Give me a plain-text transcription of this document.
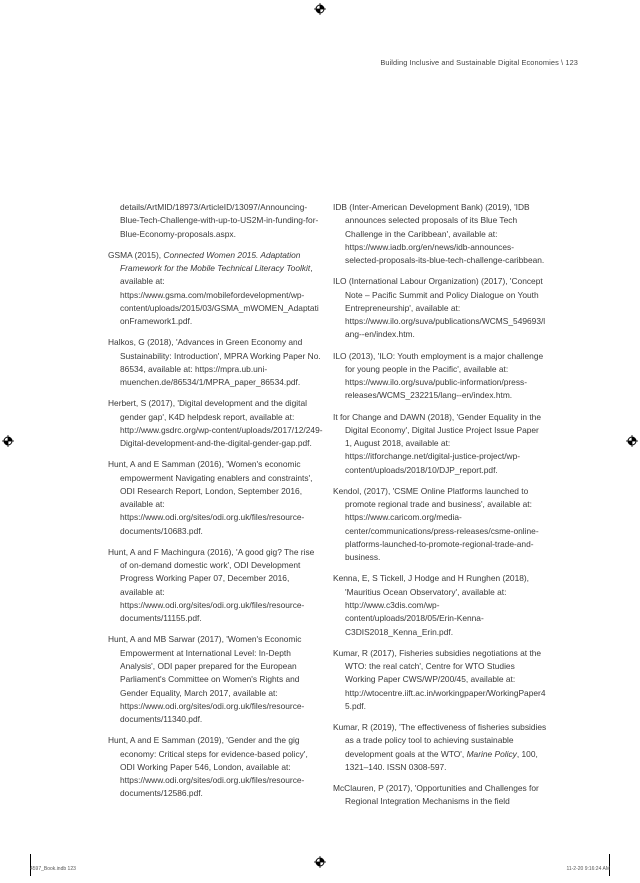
Building Inclusive and Sustainable Digital Economies \ 123

details/ArtMID/18973/ArticleID/13097/Announcing-Blue-Tech-Challenge-with-up-to-US2M-in-funding-for-Blue-Economy-proposals.aspx.

GSMA (2015), Connected Women 2015. Adaptation Framework for the Mobile Technical Literacy Toolkit, available at: https://www.gsma.com/mobilefordevelopment/wp-content/uploads/2015/03/GSMA_mWOMEN_AdaptationFramework1.pdf.

Halkos, G (2018), 'Advances in Green Economy and Sustainability: Introduction', MPRA Working Paper No. 86534, available at: https://mpra.ub.uni-muenchen.de/86534/1/MPRA_paper_86534.pdf.

Herbert, S (2017), 'Digital development and the digital gender gap', K4D helpdesk report, available at: http://www.gsdrc.org/wp-content/uploads/2017/12/249-Digital-development-and-the-digital-gender-gap.pdf.

Hunt, A and E Samman (2016), 'Women's economic empowerment Navigating enablers and constraints', ODI Research Report, London, September 2016, available at: https://www.odi.org/sites/odi.org.uk/files/resource-documents/10683.pdf.

Hunt, A and F Machingura (2016), 'A good gig? The rise of on-demand domestic work', ODI Development Progress Working Paper 07, December 2016, available at: https://www.odi.org/sites/odi.org.uk/files/resource-documents/11155.pdf.

Hunt, A and MB Sarwar (2017), 'Women's Economic Empowerment at International Level: In-Depth Analysis', ODI paper prepared for the European Parliament's Committee on Women's Rights and Gender Equality, March 2017, available at: https://www.odi.org/sites/odi.org.uk/files/resource-documents/11340.pdf.

Hunt, A and E Samman (2019), 'Gender and the gig economy: Critical steps for evidence-based policy', ODI Working Paper 546, London, available at: https://www.odi.org/sites/odi.org.uk/files/resource-documents/12586.pdf.

IDB (Inter-American Development Bank) (2019), 'IDB announces selected proposals of its Blue Tech Challenge in the Caribbean', available at: https://www.iadb.org/en/news/idb-announces-selected-proposals-its-blue-tech-challenge-caribbean.

ILO (International Labour Organization) (2017), 'Concept Note – Pacific Summit and Policy Dialogue on Youth Entrepreneurship', available at: https://www.ilo.org/suva/publications/WCMS_549693/lang--en/index.htm.

ILO (2013), 'ILO: Youth employment is a major challenge for young people in the Pacific', available at: https://www.ilo.org/suva/public-information/press-releases/WCMS_232215/lang--en/index.htm.

It for Change and DAWN (2018), 'Gender Equality in the Digital Economy', Digital Justice Project Issue Paper 1, August 2018, available at: https://itforchange.net/digital-justice-project/wp-content/uploads/2018/10/DJP_report.pdf.

Kendol, (2017), 'CSME Online Platforms launched to promote regional trade and business', available at: https://www.caricom.org/media-center/communications/press-releases/csme-online-platforms-launched-to-promote-regional-trade-and-business.

Kenna, E, S Tickell, J Hodge and H Runghen (2018), 'Mauritius Ocean Observatory', available at: http://www.c3dis.com/wp-content/uploads/2018/05/Erin-Kenna-C3DIS2018_Kenna_Erin.pdf.

Kumar, R (2017), Fisheries subsidies negotiations at the WTO: the real catch', Centre for WTO Studies Working Paper CWS/WP/200/45, available at: http://wtocentre.iift.ac.in/workingpaper/WorkingPaper45.pdf.

Kumar, R (2019), 'The effectiveness of fisheries subsidies as a trade policy tool to achieving sustainable development goals at the WTO', Marine Policy, 100, 1321–140. ISSN 0308-597.

McClauren, P (2017), 'Opportunities and Challenges for Regional Integration Mechanisms in the field

4597_Book.indb 123	11-2-20 9:16:24 AM
